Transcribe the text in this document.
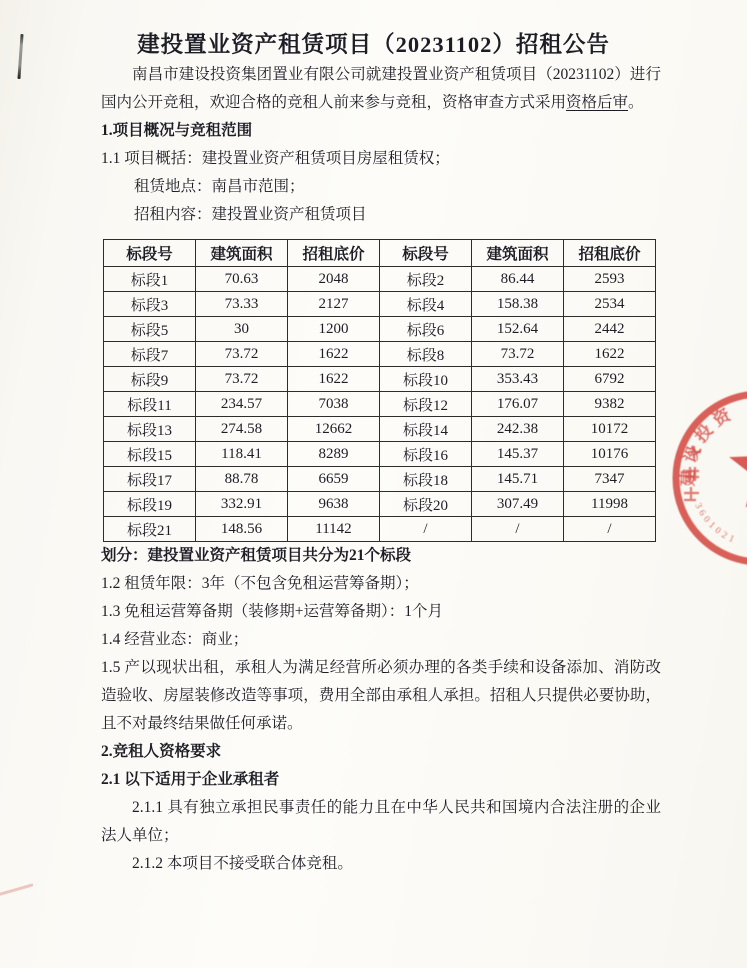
建投置业资产租赁项目（20231102）招租公告

南昌市建设投资集团置业有限公司就建投置业资产租赁项目（20231102）进行国内公开竞租，欢迎合格的竞租人前来参与竞租，资格审查方式采用资格后审。

1.项目概况与竞租范围

1.1 项目概括：建投置业资产租赁项目房屋租赁权；

租赁地点：南昌市范围；

招租内容：建投置业资产租赁项目

标段号	建筑面积	招租底价	标段号	建筑面积	招租底价
标段1	70.63	2048	标段2	86.44	2593
标段3	73.33	2127	标段4	158.38	2534
标段5	30	1200	标段6	152.64	2442
标段7	73.72	1622	标段8	73.72	1622
标段9	73.72	1622	标段10	353.43	6792
标段11	234.57	7038	标段12	176.07	9382
标段13	274.58	12662	标段14	242.38	10172
标段15	118.41	8289	标段16	145.37	10176
标段17	88.78	6659	标段18	145.71	7347
标段19	332.91	9638	标段20	307.49	11998
标段21	148.56	11142	/	/	/

划分：建投置业资产租赁项目共分为21个标段

1.2 租赁年限：3年（不包含免租运营筹备期）；

1.3 免租运营筹备期（装修期+运营筹备期）：1个月

1.4 经营业态：商业；

1.5 产以现状出租，承租人为满足经营所必须办理的各类手续和设备添加、消防改造验收、房屋装修改造等事项，费用全部由承租人承担。招租人只提供必要协助，且不对最终结果做任何承诺。

2.竞租人资格要求

2.1 以下适用于企业承租者

2.1.1 具有独立承担民事责任的能力且在中华人民共和国境内合法注册的企业法人单位；

2.1.2 本项目不接受联合体竞租。

建设投资
3601021
